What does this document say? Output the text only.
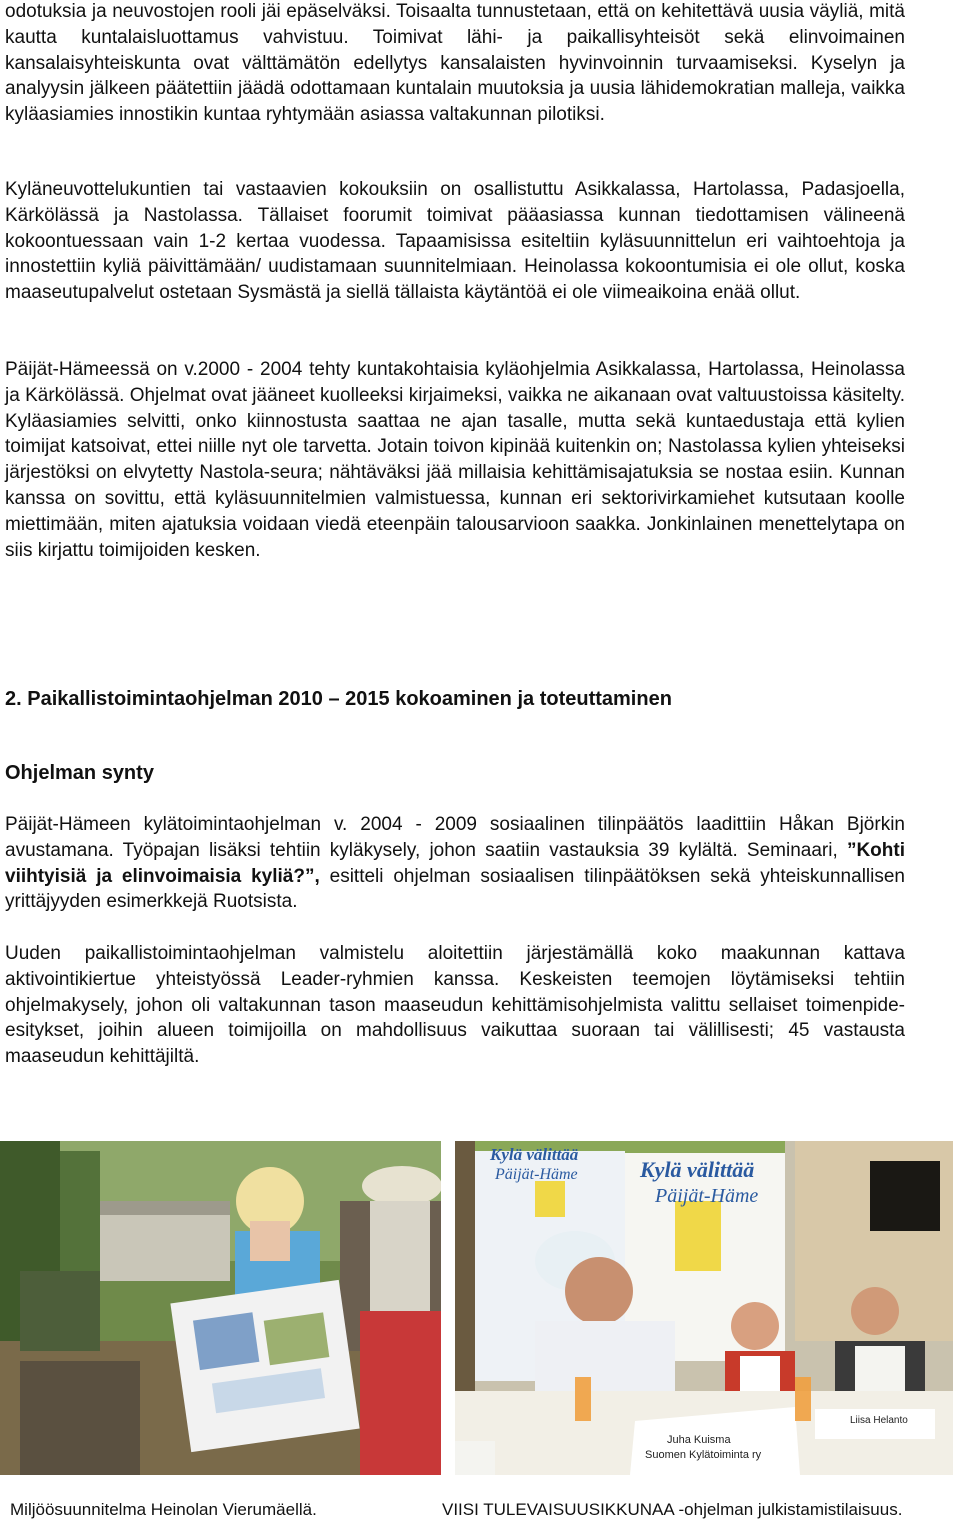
odotuksia ja neuvostojen rooli jäi epäselväksi. Toisaalta tunnustetaan, että on kehitettävä uusia väyliä, mitä kautta kuntalaisluottamus vahvistuu. Toimivat lähi- ja paikallisyhteisöt sekä elinvoimainen kansalaisyhteiskunta ovat välttämätön edellytys kansalaisten hyvinvoinnin turvaamiseksi. Kyselyn ja analyysin jälkeen päätettiin jäädä odottamaan kuntalain muutoksia ja uusia lähidemokratian malleja, vaikka kyläasiamies innostikin kuntaa ryhtymään asiassa valtakunnan pilotiksi.

Kyläneuvottelukuntien tai vastaavien kokouksiin on osallistuttu Asikkalassa, Hartolassa, Padasjoella, Kärkölässä ja Nastolassa. Tällaiset foorumit toimivat pääasiassa kunnan tiedottamisen välineenä kokoontuessaan vain 1-2 kertaa vuodessa. Tapaamisissa esiteltiin kyläsuunnittelun eri vaihtoehtoja ja innostettiin kyliä päivittämään/ uudistamaan suunnitelmiaan. Heinolassa kokoontumisia ei ole ollut, koska maaseutupalvelut ostetaan Sysmästä ja siellä tällaista käytäntöä ei ole viimeaikoina enää ollut.

Päijät-Hämeessä on v.2000 - 2004 tehty kuntakohtaisia kyläohjelmia Asikkalassa, Hartolassa, Heinolassa ja Kärkölässä. Ohjelmat ovat jääneet kuolleeksi kirjaimeksi, vaikka ne aikanaan ovat valtuustoissa käsitelty. Kyläasiamies selvitti, onko kiinnostusta saattaa ne ajan tasalle, mutta sekä kuntaedustaja että kylien toimijat katsoivat, ettei niille nyt ole tarvetta. Jotain toivon kipinää kuitenkin on; Nastolassa kylien yhteiseksi järjestöksi on elvytetty Nastola-seura; nähtäväksi jää millaisia kehittämisajatuksia se nostaa esiin. Kunnan kanssa on sovittu, että kyläsuunnitelmien valmistuessa, kunnan eri sektorivirkamiehet kutsutaan koolle miettimään, miten ajatuksia voidaan viedä eteenpäin talousarvioon saakka. Jonkinlainen menettelytapa on siis kirjattu toimijoiden kesken.

2. Paikallistoimintaohjelman 2010 – 2015 kokoaminen ja toteuttaminen
Ohjelman synty

Päijät-Hämeen kylätoimintaohjelman v. 2004 - 2009 sosiaalinen tilinpäätös laadittiin Håkan Björkin avustamana. Työpajan lisäksi tehtiin kyläkysely, johon saatiin vastauksia 39 kylältä. Seminaari, ”Kohti viihtyisiä ja elinvoimaisia kyliä?”, esitteli ohjelman sosiaalisen tilinpäätöksen sekä yhteiskunnallisen yrittäjyyden esimerkkejä Ruotsista.

Uuden paikallistoimintaohjelman valmistelu aloitettiin järjestämällä koko maakunnan kattava aktivointikiertue yhteistyössä Leader-ryhmien kanssa. Keskeisten teemojen löytämiseksi tehtiin ohjelmakysely, johon oli valtakunnan tason maaseudun kehittämisohjelmista valittu sellaiset toimenpide-esitykset, joihin alueen toimijoilla on mahdollisuus vaikuttaa suoraan tai välillisesti; 45 vastausta maaseudun kehittäjiltä.

Kylä välittää
Päijät-Häme	Kylä välittää
Päijät-Häme
Juha Kuisma
Suomen Kylätoiminta ry
Liisa Helanto
Miljöösuunnitelma Heinolan Vierumäellä.	VIISI TULEVAISUUSIKKUNAA -ohjelman julkistamistilaisuus.
